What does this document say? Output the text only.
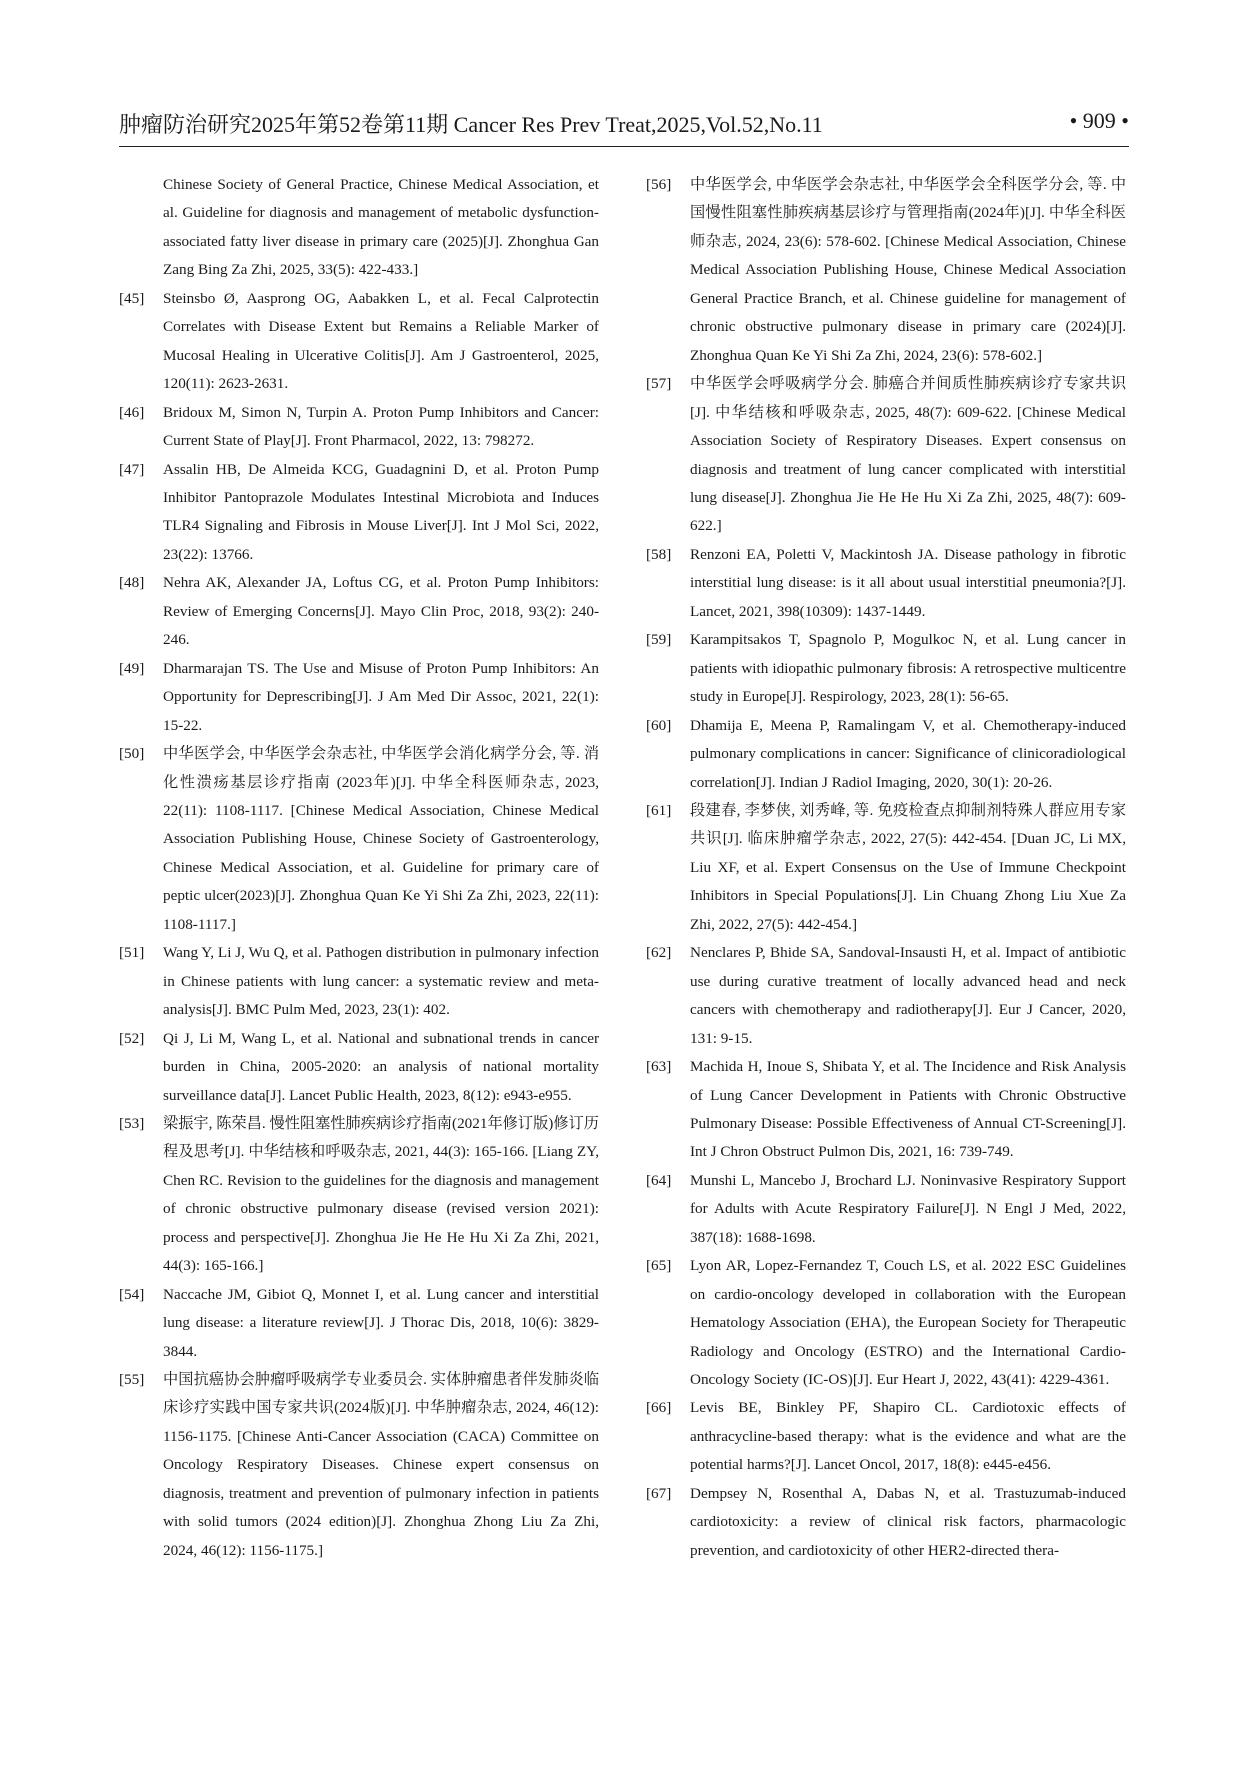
肿瘤防治研究2025年第52卷第11期 Cancer Res Prev Treat,2025,Vol.52,No.11	• 909 •
Chinese Society of General Practice, Chinese Medical Association, et al. Guideline for diagnosis and management of metabolic dysfunction-associated fatty liver disease in primary care (2025)[J]. Zhonghua Gan Zang Bing Za Zhi, 2025, 33(5): 422-433.]
[45]	Steinsbo Ø, Aasprong OG, Aabakken L, et al. Fecal Calprotectin Correlates with Disease Extent but Remains a Reliable Marker of Mucosal Healing in Ulcerative Colitis[J]. Am J Gastroenterol, 2025, 120(11): 2623-2631.
[46]	Bridoux M, Simon N, Turpin A. Proton Pump Inhibitors and Cancer: Current State of Play[J]. Front Pharmacol, 2022, 13: 798272.
[47]	Assalin HB, De Almeida KCG, Guadagnini D, et al. Proton Pump Inhibitor Pantoprazole Modulates Intestinal Microbiota and Induces TLR4 Signaling and Fibrosis in Mouse Liver[J]. Int J Mol Sci, 2022, 23(22): 13766.
[48]	Nehra AK, Alexander JA, Loftus CG, et al. Proton Pump Inhibitors: Review of Emerging Concerns[J]. Mayo Clin Proc, 2018, 93(2): 240-246.
[49]	Dharmarajan TS. The Use and Misuse of Proton Pump Inhibitors: An Opportunity for Deprescribing[J]. J Am Med Dir Assoc, 2021, 22(1): 15-22.
[50]	中华医学会, 中华医学会杂志社, 中华医学会消化病学分会, 等. 消化性溃疡基层诊疗指南 (2023年)[J]. 中华全科医师杂志, 2023, 22(11): 1108-1117. [Chinese Medical Association, Chinese Medical Association Publishing House, Chinese Society of Gastroenterology, Chinese Medical Association, et al. Guideline for primary care of peptic ulcer(2023)[J]. Zhonghua Quan Ke Yi Shi Za Zhi, 2023, 22(11): 1108-1117.]
[51]	Wang Y, Li J, Wu Q, et al. Pathogen distribution in pulmonary infection in Chinese patients with lung cancer: a systematic review and meta-analysis[J]. BMC Pulm Med, 2023, 23(1): 402.
[52]	Qi J, Li M, Wang L, et al. National and subnational trends in cancer burden in China, 2005-2020: an analysis of national mortality surveillance data[J]. Lancet Public Health, 2023, 8(12): e943-e955.
[53]	梁振宇, 陈荣昌. 慢性阻塞性肺疾病诊疗指南(2021年修订版)修订历程及思考[J]. 中华结核和呼吸杂志, 2021, 44(3): 165-166. [Liang ZY, Chen RC. Revision to the guidelines for the diagnosis and management of chronic obstructive pulmonary disease (revised version 2021): process and perspective[J]. Zhonghua Jie He He Hu Xi Za Zhi, 2021, 44(3): 165-166.]
[54]	Naccache JM, Gibiot Q, Monnet I, et al. Lung cancer and interstitial lung disease: a literature review[J]. J Thorac Dis, 2018, 10(6): 3829-3844.
[55]	中国抗癌协会肿瘤呼吸病学专业委员会. 实体肿瘤患者伴发肺炎临床诊疗实践中国专家共识(2024版)[J]. 中华肿瘤杂志, 2024, 46(12): 1156-1175. [Chinese Anti-Cancer Association (CACA) Committee on Oncology Respiratory Diseases. Chinese expert consensus on diagnosis, treatment and prevention of pulmonary infection in patients with solid tumors (2024 edition)[J]. Zhonghua Zhong Liu Za Zhi, 2024, 46(12): 1156-1175.]
[56]	中华医学会, 中华医学会杂志社, 中华医学会全科医学分会, 等. 中国慢性阻塞性肺疾病基层诊疗与管理指南(2024年)[J]. 中华全科医师杂志, 2024, 23(6): 578-602. [Chinese Medical Association, Chinese Medical Association Publishing House, Chinese Medical Association General Practice Branch, et al. Chinese guideline for management of chronic obstructive pulmonary disease in primary care (2024)[J]. Zhonghua Quan Ke Yi Shi Za Zhi, 2024, 23(6): 578-602.]
[57]	中华医学会呼吸病学分会. 肺癌合并间质性肺疾病诊疗专家共识[J]. 中华结核和呼吸杂志, 2025, 48(7): 609-622. [Chinese Medical Association Society of Respiratory Diseases. Expert consensus on diagnosis and treatment of lung cancer complicated with interstitial lung disease[J]. Zhonghua Jie He He Hu Xi Za Zhi, 2025, 48(7): 609-622.]
[58]	Renzoni EA, Poletti V, Mackintosh JA. Disease pathology in fibrotic interstitial lung disease: is it all about usual interstitial pneumonia?[J]. Lancet, 2021, 398(10309): 1437-1449.
[59]	Karampitsakos T, Spagnolo P, Mogulkoc N, et al. Lung cancer in patients with idiopathic pulmonary fibrosis: A retrospective multicentre study in Europe[J]. Respirology, 2023, 28(1): 56-65.
[60]	Dhamija E, Meena P, Ramalingam V, et al. Chemotherapy-induced pulmonary complications in cancer: Significance of clinicoradiological correlation[J]. Indian J Radiol Imaging, 2020, 30(1): 20-26.
[61]	段建春, 李梦侠, 刘秀峰, 等. 免疫检查点抑制剂特殊人群应用专家共识[J]. 临床肿瘤学杂志, 2022, 27(5): 442-454. [Duan JC, Li MX, Liu XF, et al. Expert Consensus on the Use of Immune Checkpoint Inhibitors in Special Populations[J]. Lin Chuang Zhong Liu Xue Za Zhi, 2022, 27(5): 442-454.]
[62]	Nenclares P, Bhide SA, Sandoval-Insausti H, et al. Impact of antibiotic use during curative treatment of locally advanced head and neck cancers with chemotherapy and radiotherapy[J]. Eur J Cancer, 2020, 131: 9-15.
[63]	Machida H, Inoue S, Shibata Y, et al. The Incidence and Risk Analysis of Lung Cancer Development in Patients with Chronic Obstructive Pulmonary Disease: Possible Effectiveness of Annual CT-Screening[J]. Int J Chron Obstruct Pulmon Dis, 2021, 16: 739-749.
[64]	Munshi L, Mancebo J, Brochard LJ. Noninvasive Respiratory Support for Adults with Acute Respiratory Failure[J]. N Engl J Med, 2022, 387(18): 1688-1698.
[65]	Lyon AR, Lopez-Fernandez T, Couch LS, et al. 2022 ESC Guidelines on cardio-oncology developed in collaboration with the European Hematology Association (EHA), the European Society for Therapeutic Radiology and Oncology (ESTRO) and the International Cardio-Oncology Society (IC-OS)[J]. Eur Heart J, 2022, 43(41): 4229-4361.
[66]	Levis BE, Binkley PF, Shapiro CL. Cardiotoxic effects of anthracycline-based therapy: what is the evidence and what are the potential harms?[J]. Lancet Oncol, 2017, 18(8): e445-e456.
[67]	Dempsey N, Rosenthal A, Dabas N, et al. Trastuzumab-induced cardiotoxicity: a review of clinical risk factors, pharmacologic prevention, and cardiotoxicity of other HER2-directed thera-
